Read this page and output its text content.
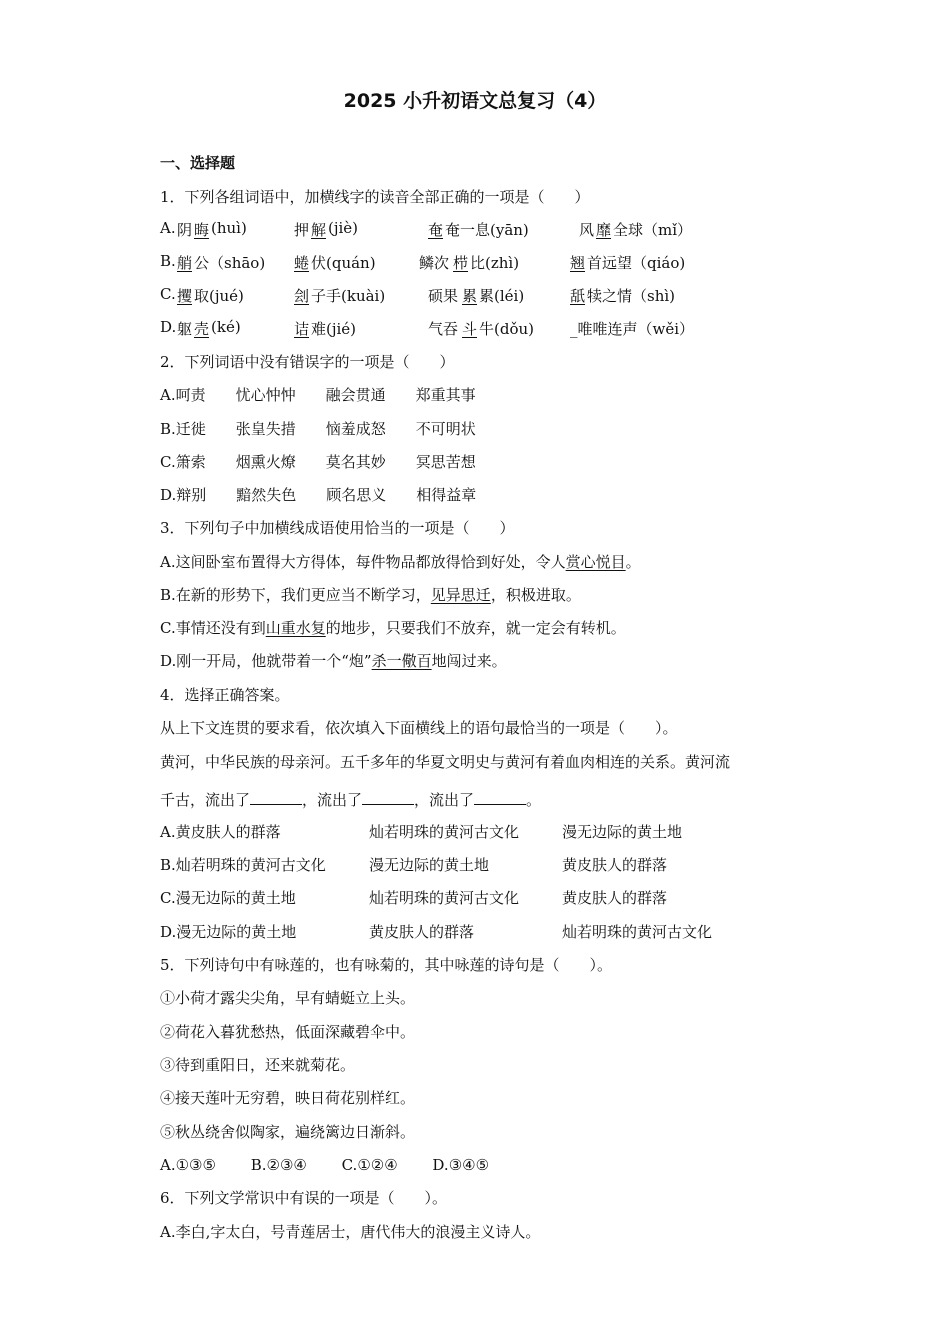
2025 小升初语文总复习（4）
一、选择题
1．下列各组词语中，加横线字的读音全部正确的一项是（　　）
A. 阴 晦 (huì)	押 解 (jiè)	奄 奄一息(yān)	风 靡 全球（mǐ）
B. 艄 公（shāo) 蜷 伏(quán)	鳞次 栉 比(zhì)	翘 首远望（qiáo)
C. 攫 取(jué)	刽 子手(kuài)	硕果 累 累(léi)	舐 犊之情（shì)
D. 躯 壳 (ké)	诘 难(jié)	气吞 斗 牛(dǒu) _唯唯连声（wěi）
2．下列词语中没有错误字的一项是（　　）
A.呵责　　忧心忡忡　　融会贯通　　郑重其事
B.迁徙　　张皇失措　　恼羞成怒　　不可明状
C.箫索　　烟熏火燎　　莫名其妙　　冥思苦想
D.辩别　　黯然失色　　顾名思义　　相得益章
3．下列句子中加横线成语使用恰当的一项是（　　）
A.这间卧室布置得大方得体，每件物品都放得恰到好处，令人赏心悦目。
B.在新的形势下，我们更应当不断学习，见异思迁，积极进取。
C.事情还没有到山重水复的地步，只要我们不放弃，就一定会有转机。
D.刚一开局，他就带着一个“炮”杀一儆百地闯过来。
4．选择正确答案。
从上下文连贯的要求看，依次填入下面横线上的语句最恰当的一项是（　　）。
黄河，中华民族的母亲河。五千多年的华夏文明史与黄河有着血肉相连的关系。黄河流
千古，流出了	，流出了	，流出了	。
A.黄皮肤人的群落	灿若明珠的黄河古文化	漫无边际的黄土地
B.灿若明珠的黄河古文化	漫无边际的黄土地	黄皮肤人的群落
C.漫无边际的黄土地	灿若明珠的黄河古文化	黄皮肤人的群落
D.漫无边际的黄土地	黄皮肤人的群落	灿若明珠的黄河古文化
5．下列诗句中有咏莲的，也有咏菊的，其中咏莲的诗句是（　　）。
①小荷才露尖尖角，早有蜻蜓立上头。
②荷花入暮犹愁热，低面深藏碧伞中。
③待到重阳日，还来就菊花。
④接天莲叶无穷碧，映日荷花别样红。
⑤秋丛绕舍似陶家，遍绕篱边日渐斜。
A.①③⑤　　 B.②③④　　 C.①②④　　 D.③④⑤
6．下列文学常识中有误的一项是（　　）。
A.李白,字太白，号青莲居士，唐代伟大的浪漫主义诗人。
